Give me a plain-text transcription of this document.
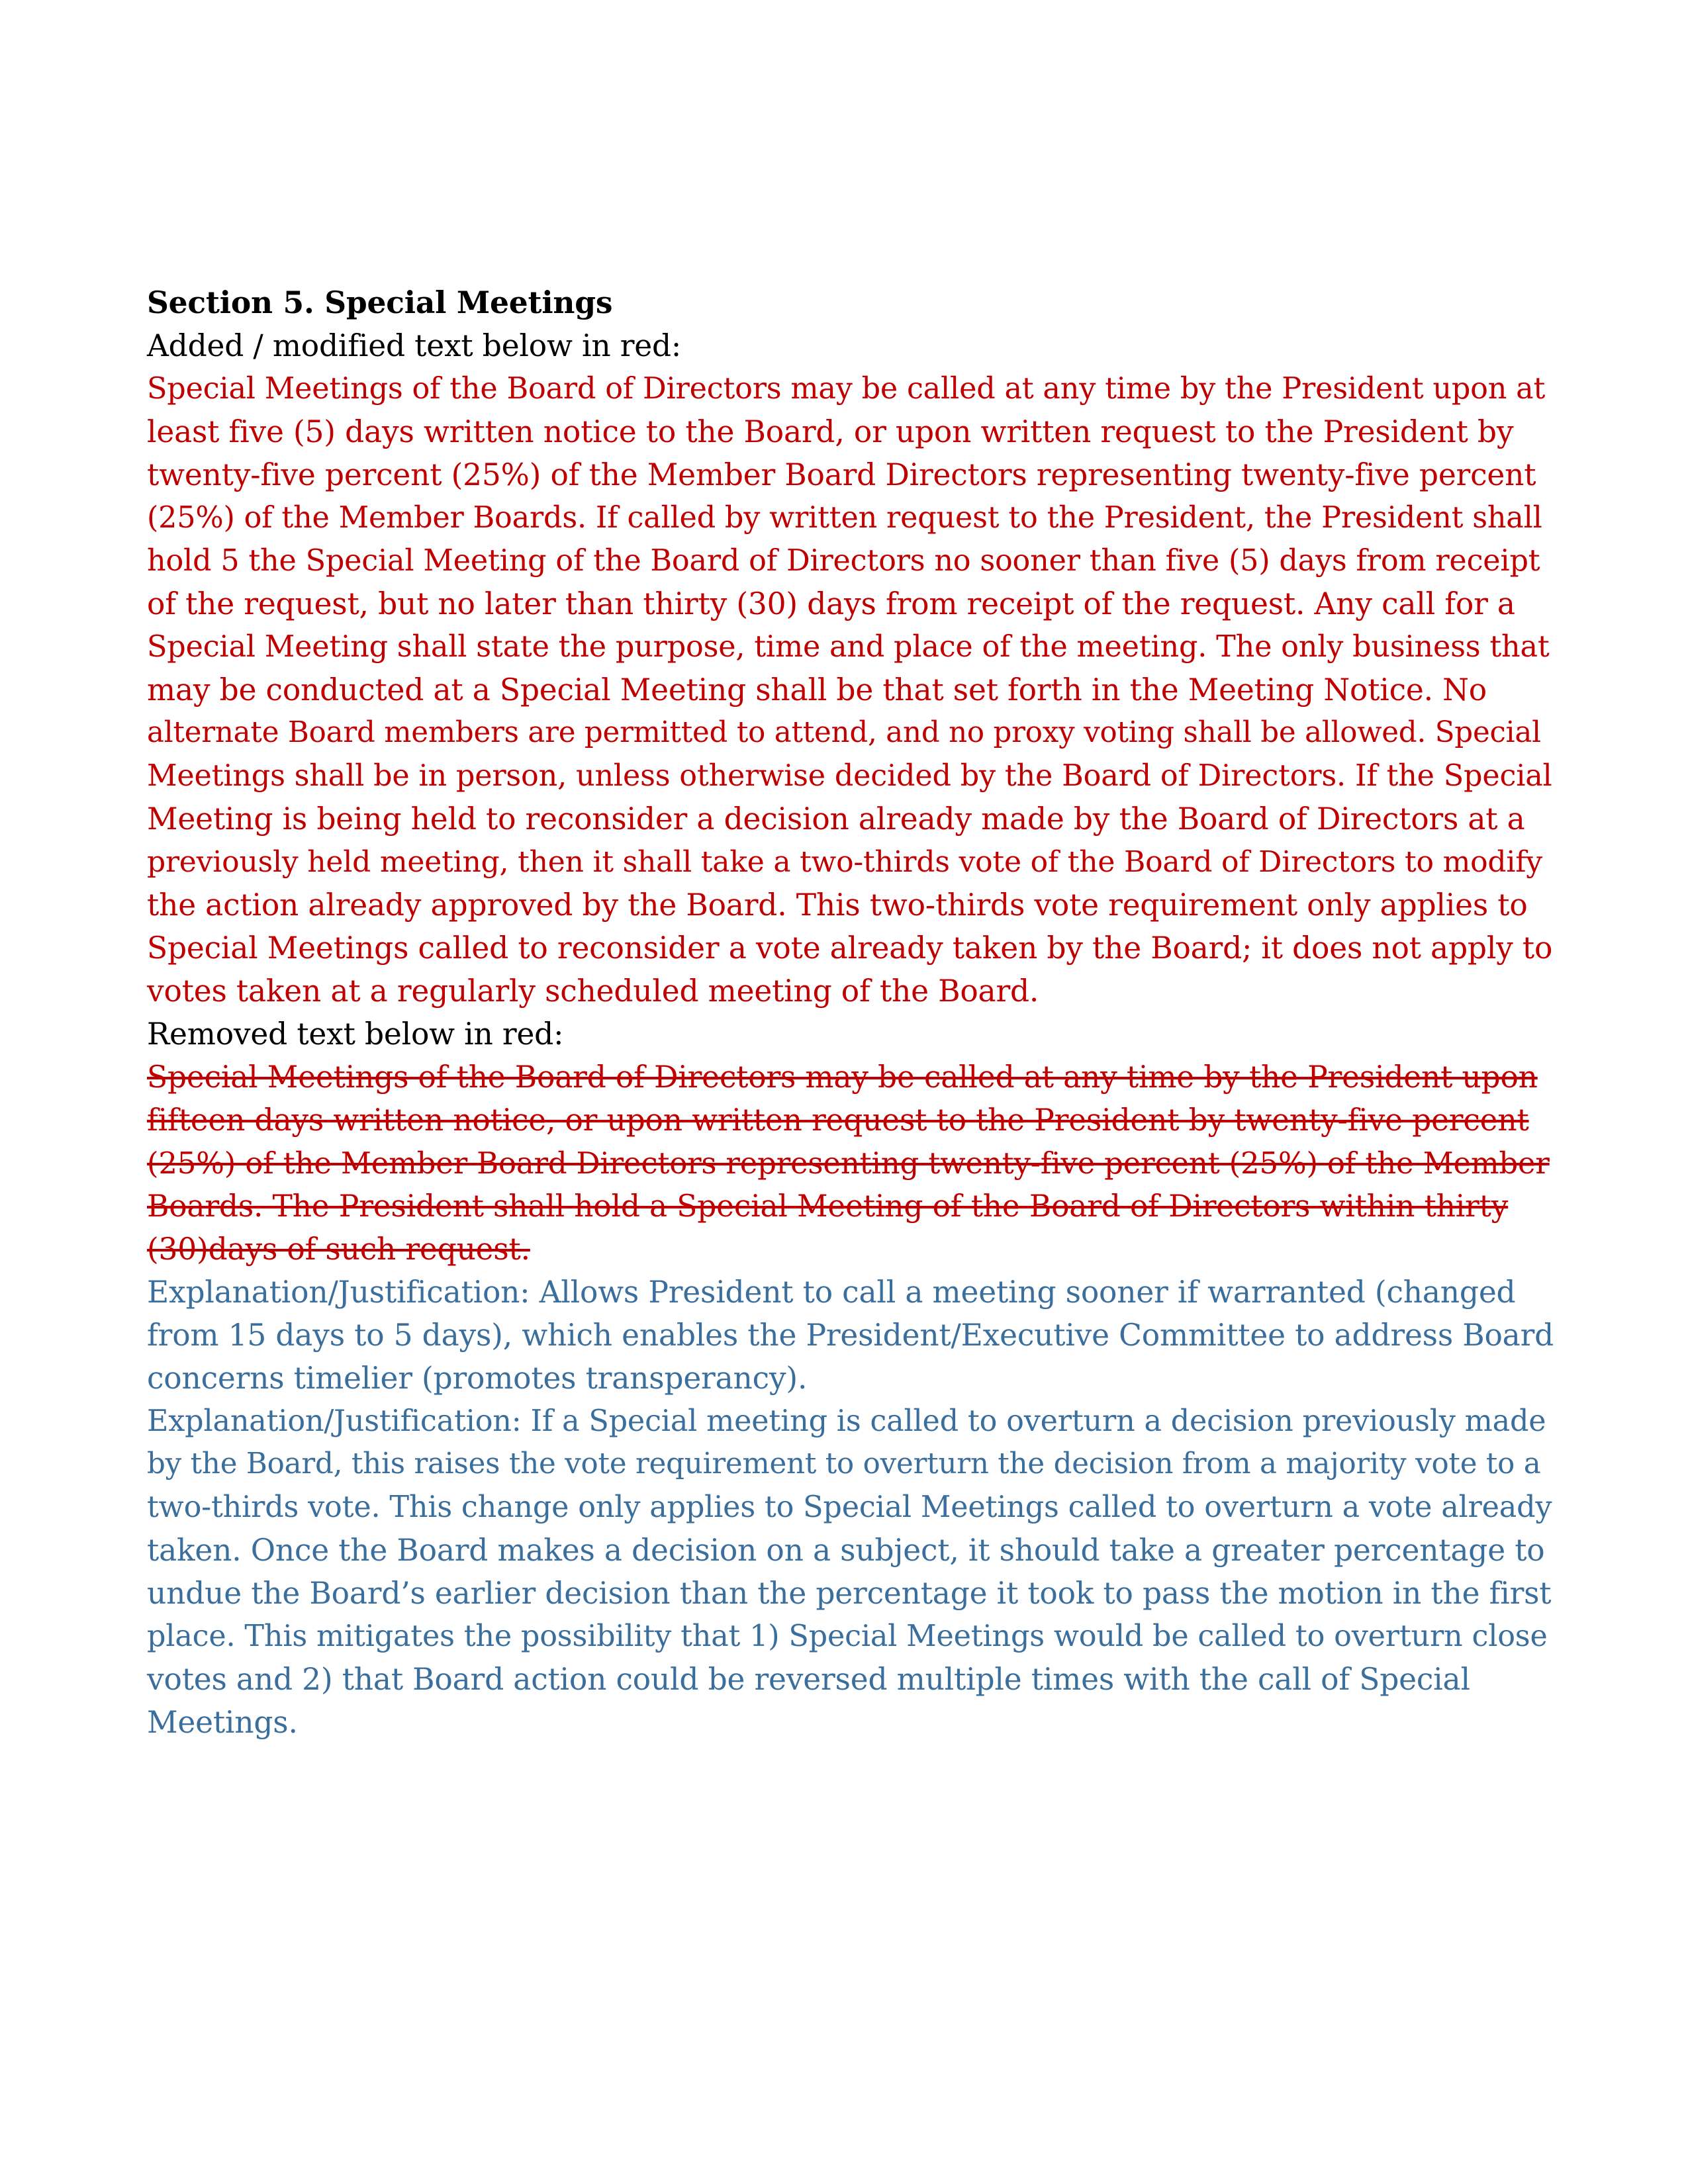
Section 5. Special Meetings
Added / modified text below in red:
Special Meetings of the Board of Directors may be called at any time by the President upon at
least five (5) days written notice to the Board, or upon written request to the President by
twenty-five percent (25%) of the Member Board Directors representing twenty-five percent
(25%) of the Member Boards. If called by written request to the President, the President shall
hold 5 the Special Meeting of the Board of Directors no sooner than five (5) days from receipt
of the request, but no later than thirty (30) days from receipt of the request. Any call for a
Special Meeting shall state the purpose, time and place of the meeting. The only business that
may be conducted at a Special Meeting shall be that set forth in the Meeting Notice. No
alternate Board members are permitted to attend, and no proxy voting shall be allowed. Special
Meetings shall be in person, unless otherwise decided by the Board of Directors. If the Special
Meeting is being held to reconsider a decision already made by the Board of Directors at a
previously held meeting, then it shall take a two-thirds vote of the Board of Directors to modify
the action already approved by the Board. This two-thirds vote requirement only applies to
Special Meetings called to reconsider a vote already taken by the Board; it does not apply to
votes taken at a regularly scheduled meeting of the Board.
Removed text below in red:
Special Meetings of the Board of Directors may be called at any time by the President upon
fifteen days written notice, or upon written request to the President by twenty-five percent
(25%) of the Member Board Directors representing twenty-five percent (25%) of the Member
Boards. The President shall hold a Special Meeting of the Board of Directors within thirty
(30)days of such request.
Explanation/Justification: Allows President to call a meeting sooner if warranted (changed
from 15 days to 5 days), which enables the President/Executive Committee to address Board
concerns timelier (promotes transperancy).
Explanation/Justification: If a Special meeting is called to overturn a decision previously made
by the Board, this raises the vote requirement to overturn the decision from a majority vote to a
two-thirds vote. This change only applies to Special Meetings called to overturn a vote already
taken. Once the Board makes a decision on a subject, it should take a greater percentage to
undue the Board’s earlier decision than the percentage it took to pass the motion in the first
place. This mitigates the possibility that 1) Special Meetings would be called to overturn close
votes and 2) that Board action could be reversed multiple times with the call of Special
Meetings.
